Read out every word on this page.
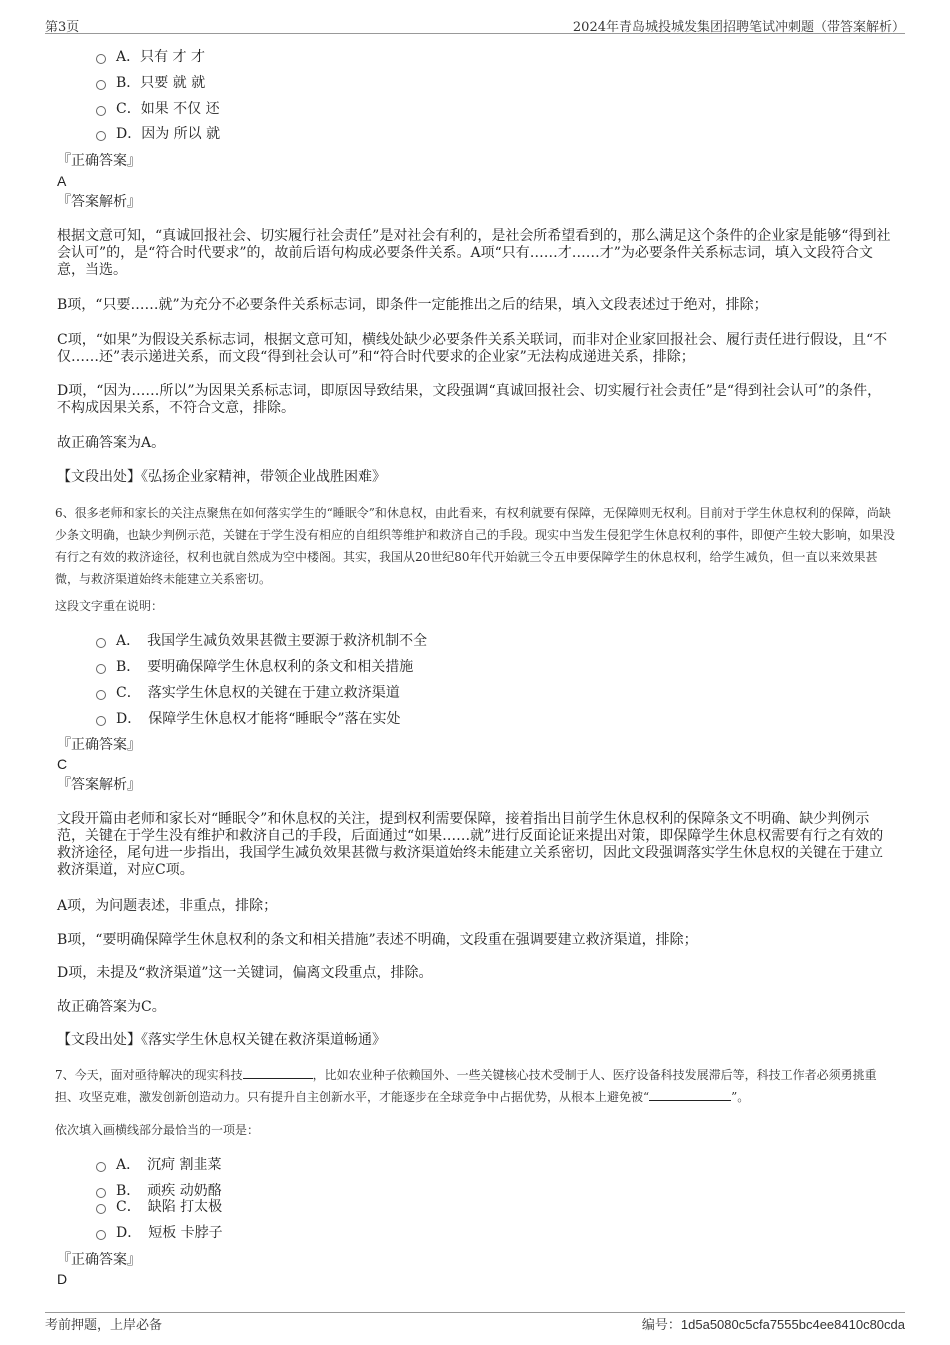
第3页	2024年青岛城投城发集团招聘笔试冲刺题（带答案解析）
A．只有 才 才
B．只要 就 就
C．如果 不仅 还
D．因为 所以 就
『正确答案』
A
『答案解析』

根据文意可知，“真诚回报社会、切实履行社会责任”是对社会有利的，是社会所希望看到的，那么满足这个条件的企业家是能够“得到社会认可”的，是“符合时代要求”的，故前后语句构成必要条件关系。A项“只有……才……才”为必要条件关系标志词，填入文段符合文意，当选。

B项，“只要……就”为充分不必要条件关系标志词，即条件一定能推出之后的结果，填入文段表述过于绝对，排除；

C项，“如果”为假设关系标志词，根据文意可知，横线处缺少必要条件关系关联词，而非对企业家回报社会、履行责任进行假设，且“不仅……还”表示递进关系，而文段“得到社会认可”和“符合时代要求的企业家”无法构成递进关系，排除；

D项，“因为……所以”为因果关系标志词，即原因导致结果，文段强调“真诚回报社会、切实履行社会责任”是“得到社会认可”的条件，不构成因果关系，不符合文意，排除。

故正确答案为A。

【文段出处】《弘扬企业家精神，带领企业战胜困难》

6、很多老师和家长的关注点聚焦在如何落实学生的“睡眠令”和休息权，由此看来，有权利就要有保障，无保障则无权利。目前对于学生休息权利的保障，尚缺少条文明确，也缺少判例示范，关键在于学生没有相应的自组织等维护和救济自己的手段。现实中当发生侵犯学生休息权利的事件，即便产生较大影响，如果没有行之有效的救济途径，权利也就自然成为空中楼阁。其实，我国从20世纪80年代开始就三令五申要保障学生的休息权利，给学生减负，但一直以来效果甚微，与救济渠道始终未能建立关系密切。

这段文字重在说明：
A．　我国学生减负效果甚微主要源于救济机制不全
B．　要明确保障学生休息权利的条文和相关措施
C．　落实学生休息权的关键在于建立救济渠道
D．　保障学生休息权才能将“睡眠令”落在实处
『正确答案』
C
『答案解析』

文段开篇由老师和家长对“睡眠令”和休息权的关注，提到权利需要保障，接着指出目前学生休息权利的保障条文不明确、缺少判例示范，关键在于学生没有维护和救济自己的手段，后面通过“如果……就”进行反面论证来提出对策，即保障学生休息权需要有行之有效的救济途径，尾句进一步指出，我国学生减负效果甚微与救济渠道始终未能建立关系密切，因此文段强调落实学生休息权的关键在于建立救济渠道，对应C项。

A项，为问题表述，非重点，排除；

B项，“要明确保障学生休息权利的条文和相关措施”表述不明确，文段重在强调要建立救济渠道，排除；

D项，未提及“救济渠道”这一关键词，偏离文段重点，排除。

故正确答案为C。

【文段出处】《落实学生休息权关键在救济渠道畅通》

7、今天，面对亟待解决的现实科技	，比如农业种子依赖国外、一些关键核心技术受制于人、医疗设备科技发展滞后等，科技工作者必须勇挑重担、攻坚克难，激发创新创造动力。只有提升自主创新水平，才能逐步在全球竞争中占据优势，从根本上避免被“	”。

依次填入画横线部分最恰当的一项是：
A．　沉疴 割韭菜
B．　顽疾 动奶酪
C．　缺陷 打太极
D．　短板 卡脖子
『正确答案』
D
考前押题，上岸必备	编号：1d5a5080c5cfa7555bc4ee8410c80cda
